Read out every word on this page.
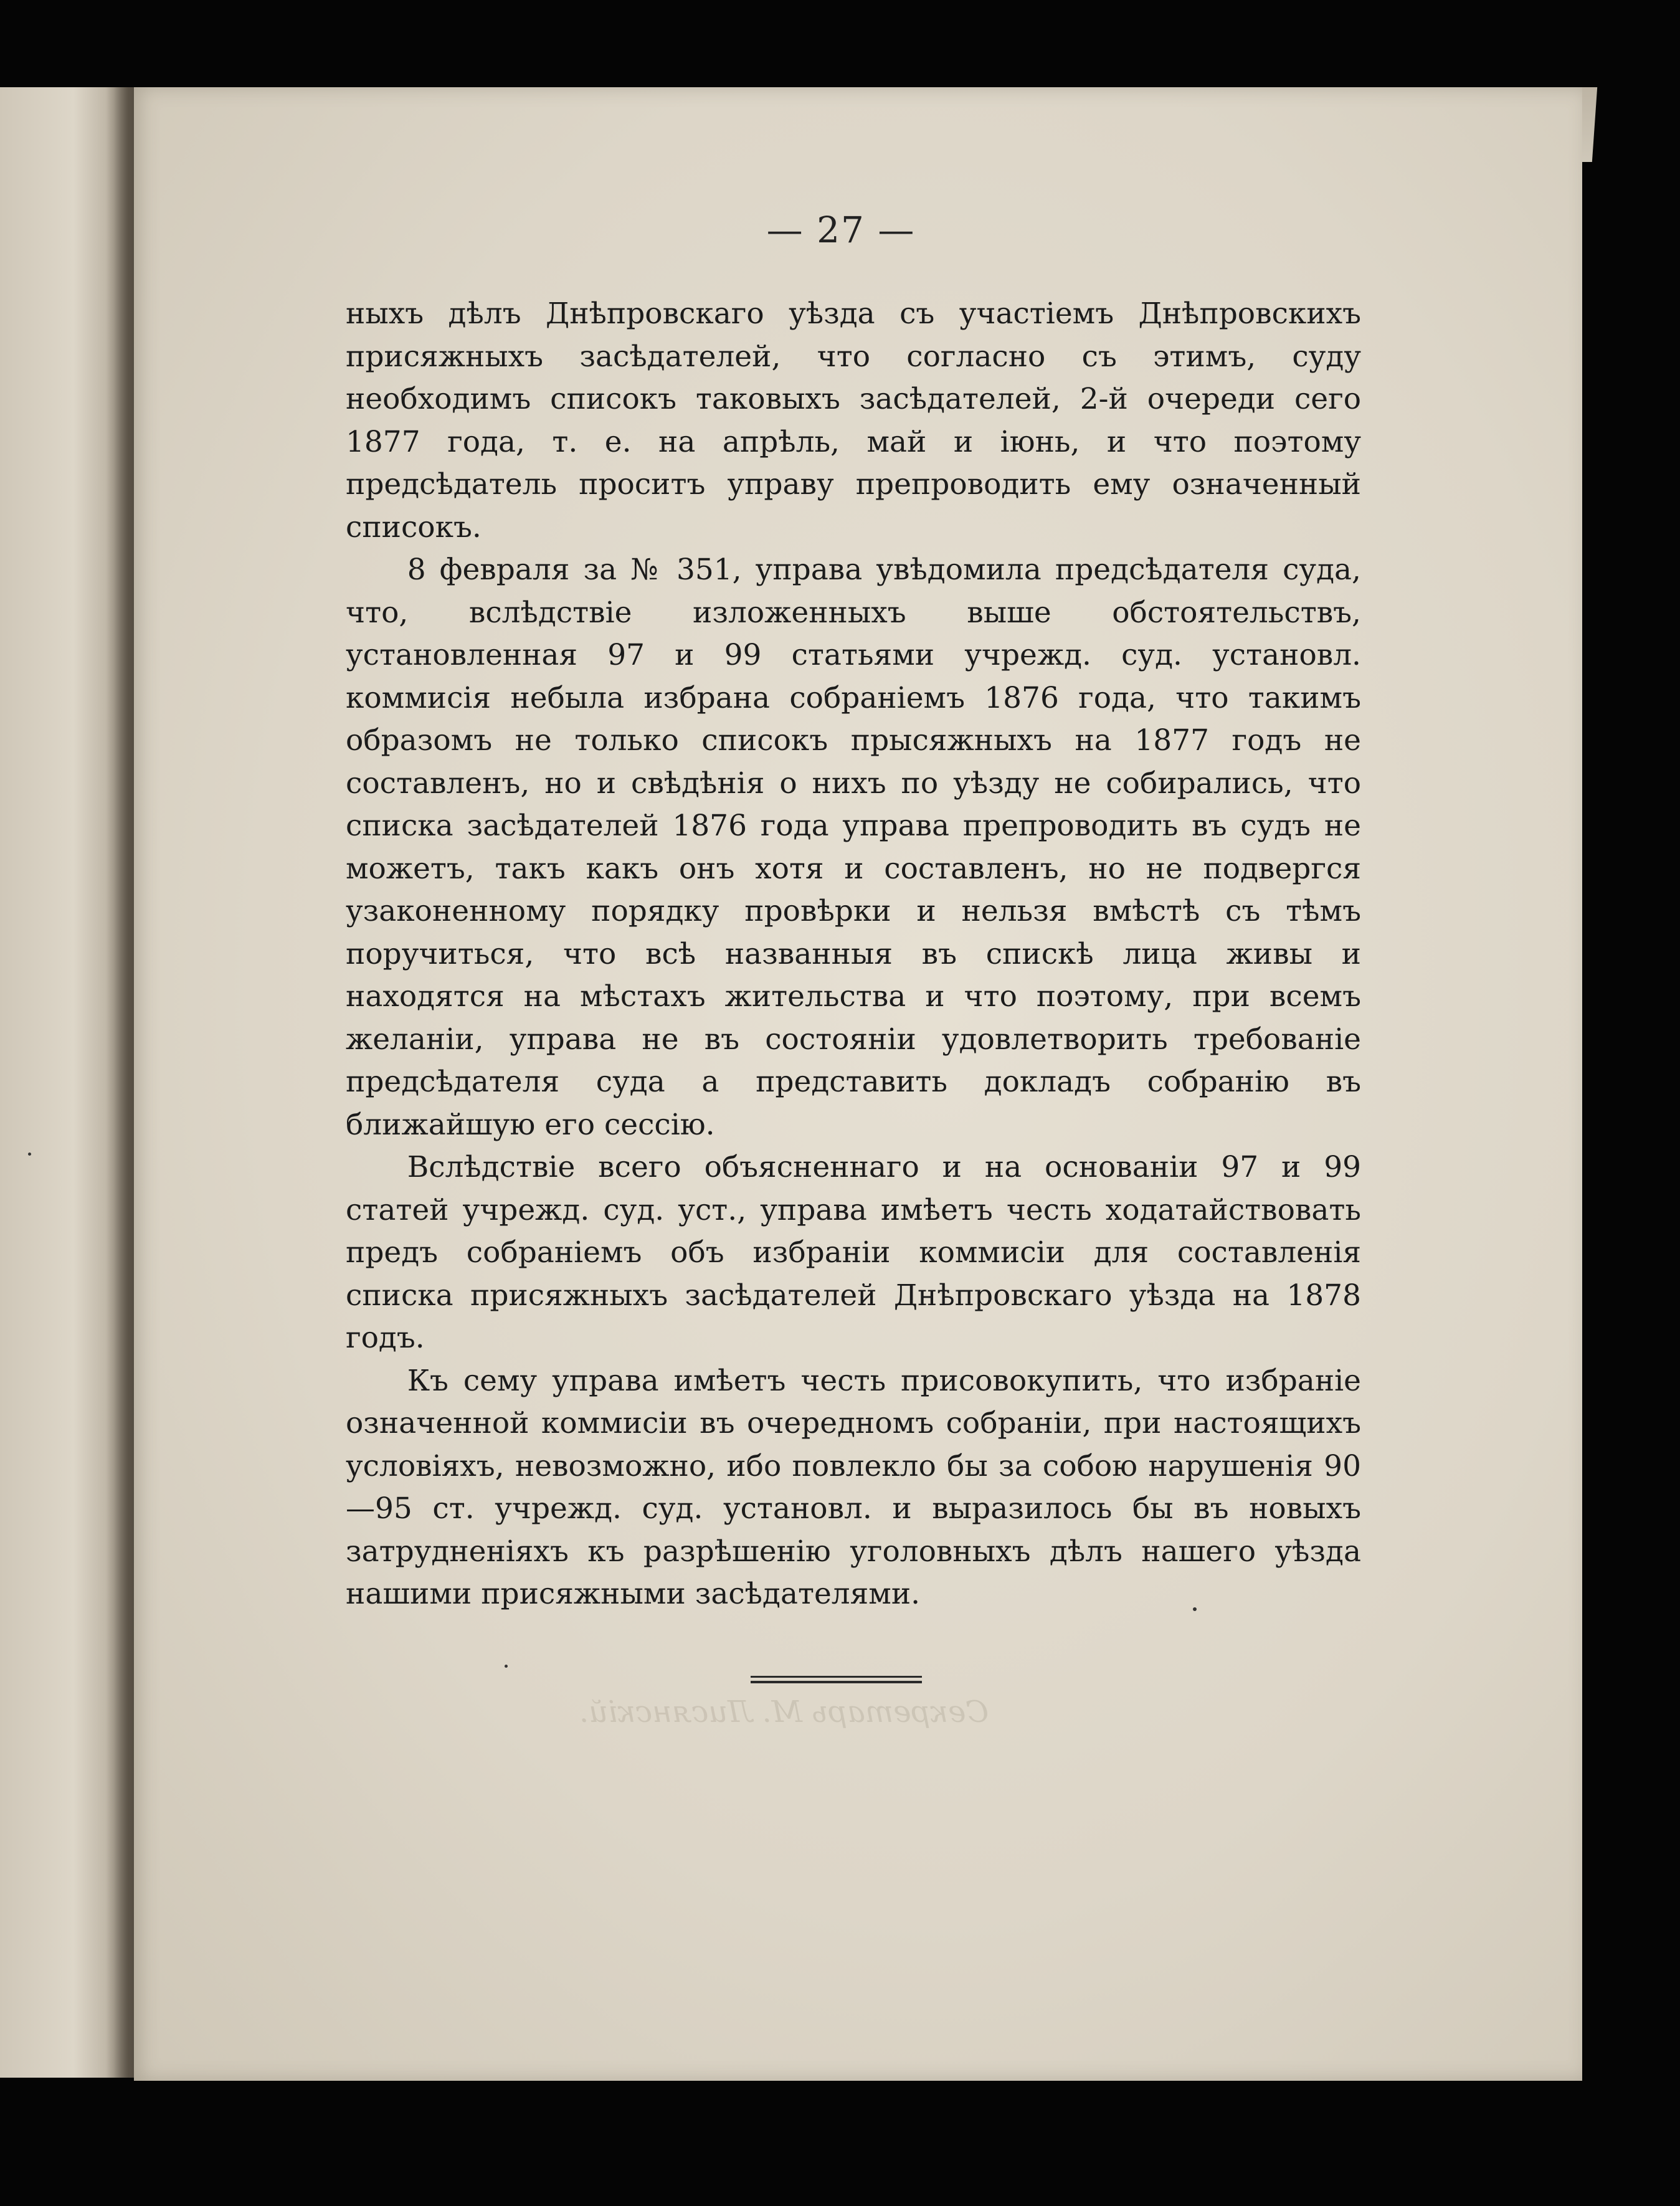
— 27 —

ныхъ дѣлъ Днѣпровскаго уѣзда съ участіемъ Днѣпровскихъ присяжныхъ засѣдателей, что согласно съ этимъ, суду необходимъ списокъ таковыхъ засѣдателей, 2-й очереди сего 1877 года, т. е. на апрѣль, май и іюнь, и что поэтому предсѣдатель проситъ управу препроводить ему означенный списокъ.

8 февраля за № 351, управа увѣдомила предсѣдателя суда, что, вслѣдствіе изложенныхъ выше обстоятельствъ, установленная 97 и 99 статьями учрежд. суд. установл. коммисія небыла избрана собраніемъ 1876 года, что такимъ образомъ не только списокъ прысяжныхъ на 1877 годъ не составленъ, но и свѣдѣнія о нихъ по уѣзду не собирались, что списка засѣдателей 1876 года управа препроводить въ судъ не можетъ, такъ какъ онъ хотя и составленъ, но не подвергся узаконенному порядку провѣрки и нельзя вмѣстѣ съ тѣмъ поручиться, что всѣ названныя въ спискѣ лица живы и находятся на мѣстахъ жительства и что поэтому, при всемъ желаніи, управа не въ состояніи удовлетворить требованіе предсѣдателя суда а представить докладъ собранію въ ближайшую его сессію.

Вслѣдствіе всего объясненнаго и на основаніи 97 и 99 статей учрежд. суд. уст., управа имѣетъ честь ходатайствовать предъ собраніемъ объ избраніи коммисіи для составленія списка присяжныхъ засѣдателей Днѣпровскаго уѣзда на 1878 годъ.

Къ сему управа имѣетъ честь присовокупить, что избраніе означенной коммисіи въ очередномъ собраніи, при настоящихъ условіяхъ, невозможно, ибо повлекло бы за собою нарушенія 90—95 ст. учрежд. суд. установл. и выразилось бы въ новыхъ затрудненіяхъ къ разрѣшенію уголовныхъ дѣлъ нашего уѣзда нашими присяжными засѣдателями.

Секретарь М. Лисянскій.
